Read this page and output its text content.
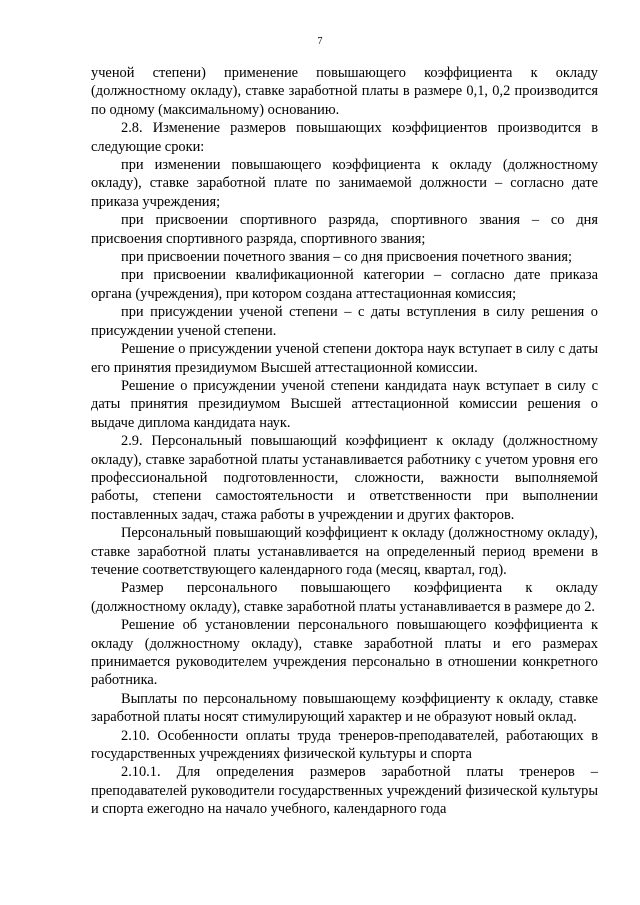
7

ученой степени) применение повышающего коэффициента к окладу (должностному окладу), ставке заработной платы в размере 0,1, 0,2 производится по одному (максимальному) основанию.

2.8. Изменение размеров повышающих коэффициентов производится в следующие сроки:

при изменении повышающего коэффициента к окладу (должностному окладу), ставке заработной плате по занимаемой должности – согласно дате приказа учреждения;

при присвоении спортивного разряда, спортивного звания – со дня присвоения спортивного разряда, спортивного звания;

при присвоении почетного звания – со дня присвоения почетного звания;

при присвоении квалификационной категории – согласно дате приказа органа (учреждения), при котором создана аттестационная комиссия;

при присуждении ученой степени – с даты вступления в силу решения о присуждении ученой степени.

Решение о присуждении ученой степени доктора наук вступает в силу с даты его принятия президиумом Высшей аттестационной комиссии.

Решение о присуждении ученой степени кандидата наук вступает в силу с даты принятия президиумом Высшей аттестационной комиссии решения о выдаче диплома кандидата наук.

2.9. Персональный повышающий коэффициент к окладу (должностному окладу), ставке заработной платы устанавливается работнику с учетом уровня его профессиональной подготовленности, сложности, важности выполняемой работы, степени самостоятельности и ответственности при выполнении поставленных задач, стажа работы в учреждении и других факторов.

Персональный повышающий коэффициент к окладу (должностному окладу), ставке заработной платы устанавливается на определенный период времени в течение соответствующего календарного года (месяц, квартал, год).

Размер персонального повышающего коэффициента к окладу (должностному окладу), ставке заработной платы устанавливается в размере до 2.

Решение об установлении персонального повышающего коэффициента к окладу (должностному окладу), ставке заработной платы и его размерах принимается руководителем учреждения персонально в отношении конкретного работника.

Выплаты по персональному повышающему коэффициенту к окладу, ставке заработной платы носят стимулирующий характер и не образуют новый оклад.

2.10. Особенности оплаты труда тренеров-преподавателей, работающих в государственных учреждениях физической культуры и спорта

2.10.1. Для определения размеров заработной платы тренеров – преподавателей руководители государственных учреждений физической культуры и спорта ежегодно на начало учебного, календарного года
